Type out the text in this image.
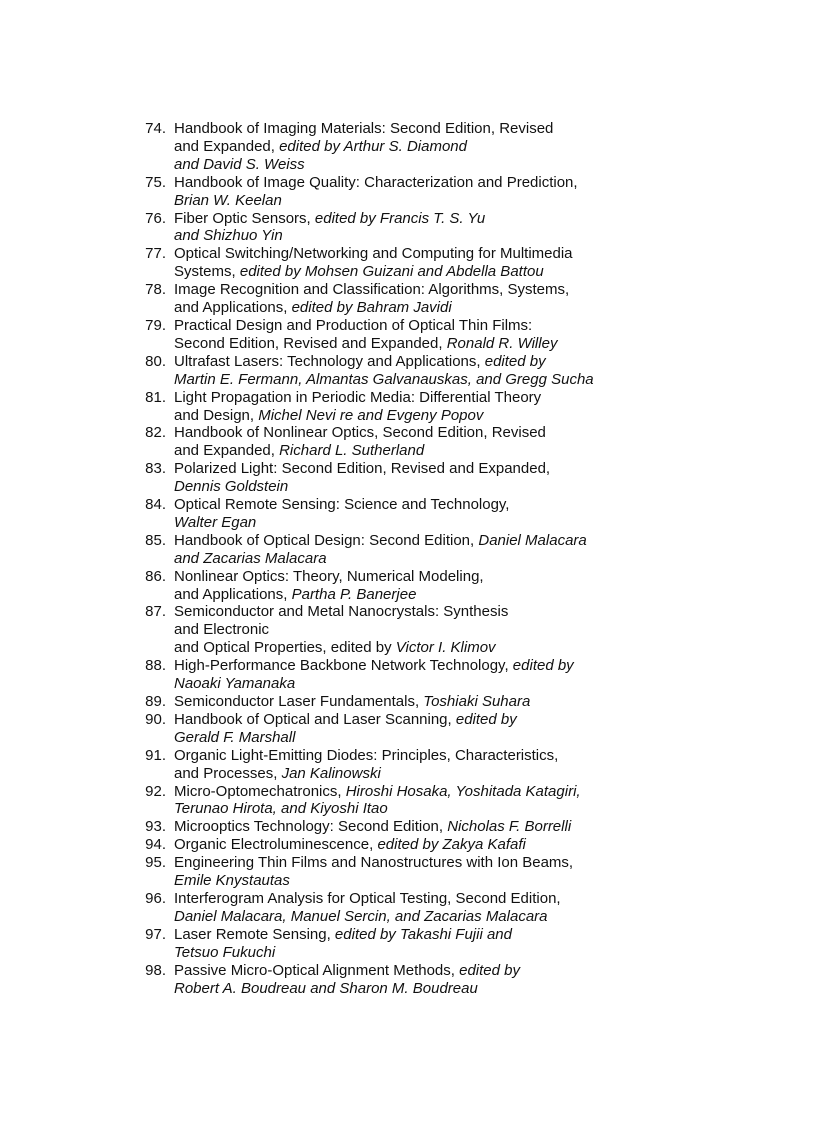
74. Handbook of Imaging Materials: Second Edition, Revised
and Expanded, edited by Arthur S. Diamond
and David S. Weiss
75. Handbook of Image Quality: Characterization and Prediction,
Brian W. Keelan
76. Fiber Optic Sensors, edited by Francis T. S. Yu
and Shizhuo Yin
77. Optical Switching/Networking and Computing for Multimedia
Systems, edited by Mohsen Guizani and Abdella Battou
78. Image Recognition and Classification: Algorithms, Systems,
and Applications, edited by Bahram Javidi
79. Practical Design and Production of Optical Thin Films:
Second Edition, Revised and Expanded, Ronald R. Willey
80. Ultrafast Lasers: Technology and Applications, edited by
Martin E. Fermann, Almantas Galvanauskas, and Gregg Sucha
81. Light Propagation in Periodic Media: Differential Theory
and Design, Michel Nevi re and Evgeny Popov
82. Handbook of Nonlinear Optics, Second Edition, Revised
and Expanded, Richard L. Sutherland
83. Polarized Light: Second Edition, Revised and Expanded,
Dennis Goldstein
84. Optical Remote Sensing: Science and Technology,
Walter Egan
85. Handbook of Optical Design: Second Edition, Daniel Malacara
and Zacarias Malacara
86. Nonlinear Optics: Theory, Numerical Modeling,
and Applications, Partha P. Banerjee
87. Semiconductor and Metal Nanocrystals: Synthesis
and Electronic
and Optical Properties, edited by Victor I. Klimov
88. High-Performance Backbone Network Technology, edited by
Naoaki Yamanaka
89. Semiconductor Laser Fundamentals, Toshiaki Suhara
90. Handbook of Optical and Laser Scanning, edited by
Gerald F. Marshall
91. Organic Light-Emitting Diodes: Principles, Characteristics,
and Processes, Jan Kalinowski
92. Micro-Optomechatronics, Hiroshi Hosaka, Yoshitada Katagiri,
Terunao Hirota, and Kiyoshi Itao
93. Microoptics Technology: Second Edition, Nicholas F. Borrelli
94. Organic Electroluminescence, edited by Zakya Kafafi
95. Engineering Thin Films and Nanostructures with Ion Beams,
Emile Knystautas
96. Interferogram Analysis for Optical Testing, Second Edition,
Daniel Malacara, Manuel Sercin, and Zacarias Malacara
97. Laser Remote Sensing, edited by Takashi Fujii and
Tetsuo Fukuchi
98. Passive Micro-Optical Alignment Methods, edited by
Robert A. Boudreau and Sharon M. Boudreau
